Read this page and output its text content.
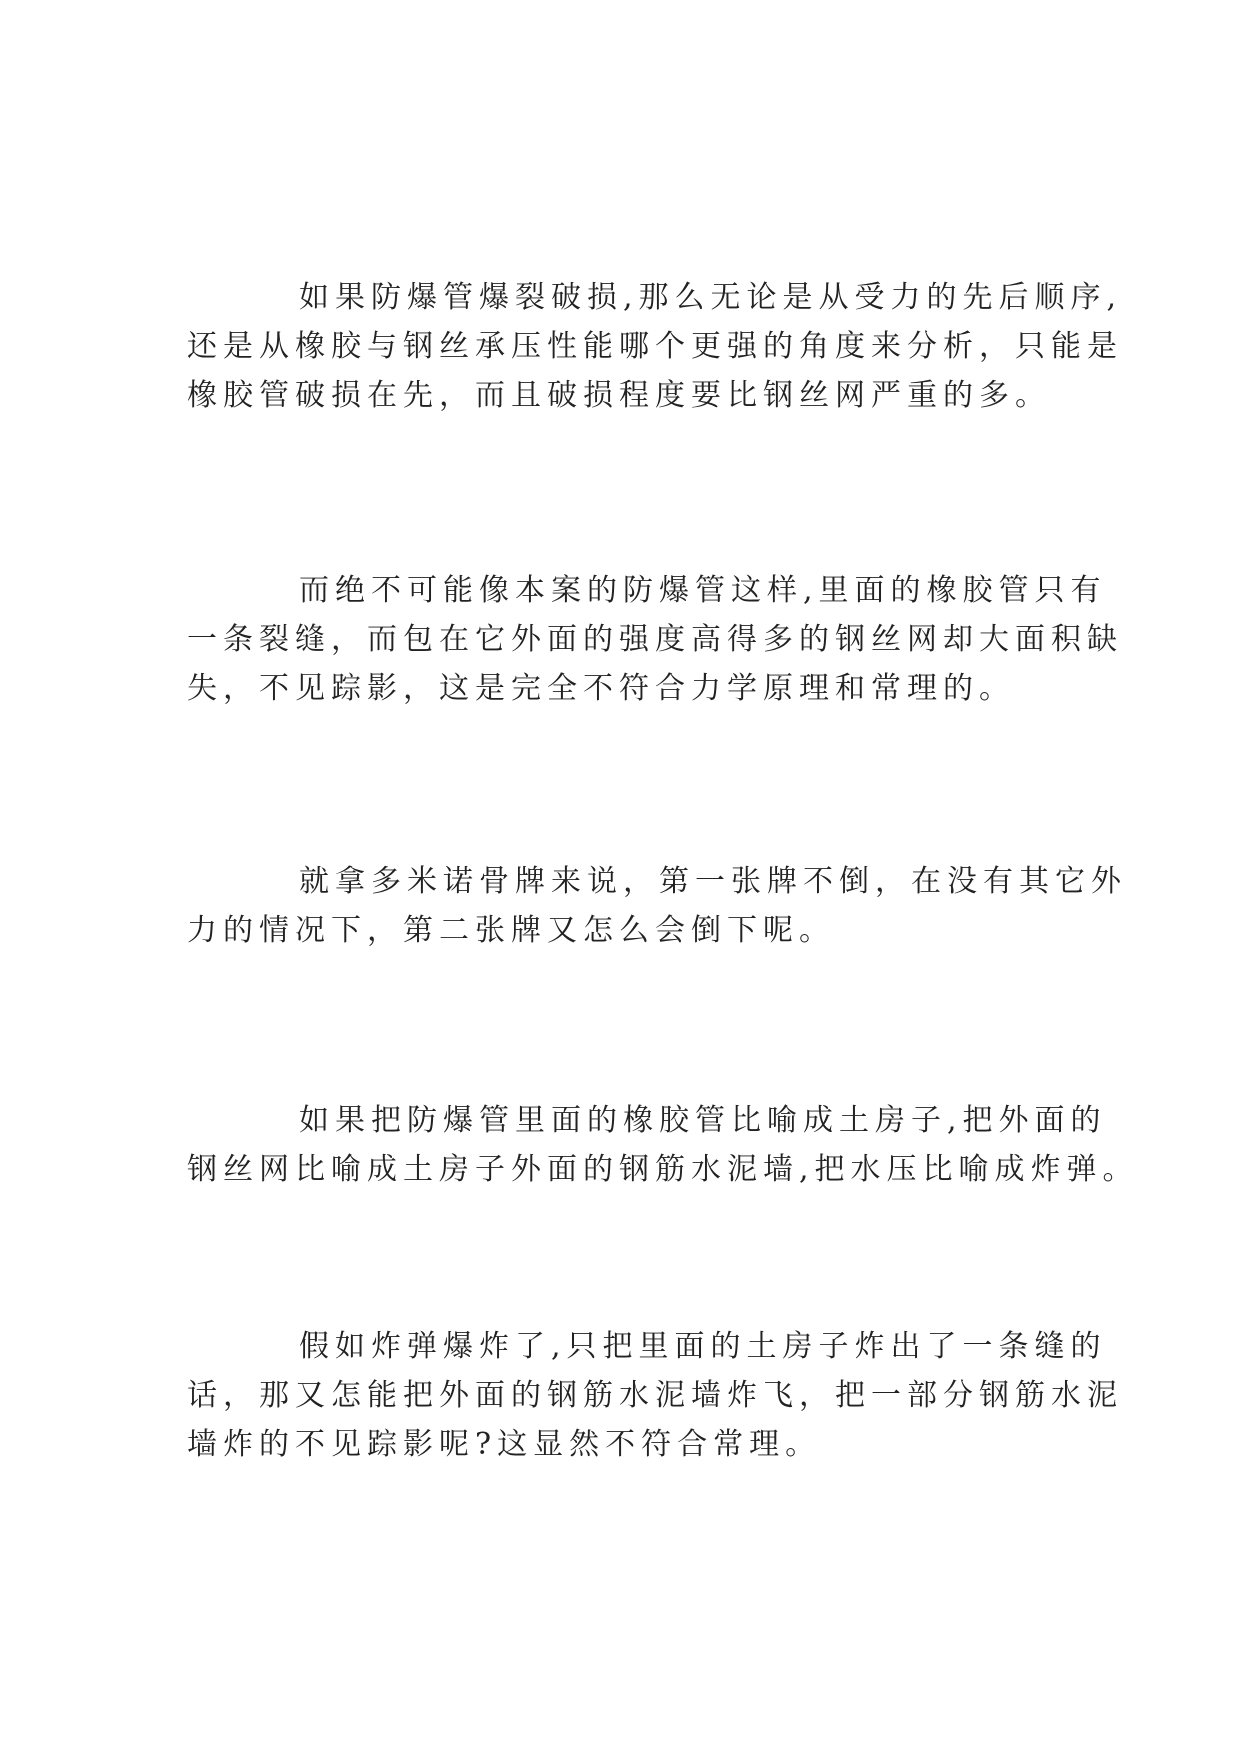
如果防爆管爆裂破损,那么无论是从受力的先后顺序,
还是从橡胶与钢丝承压性能哪个更强的角度来分析，只能是
橡胶管破损在先，而且破损程度要比钢丝网严重的多。
而绝不可能像本案的防爆管这样,里面的橡胶管只有
一条裂缝，而包在它外面的强度高得多的钢丝网却大面积缺
失，不见踪影，这是完全不符合力学原理和常理的。
就拿多米诺骨牌来说，第一张牌不倒，在没有其它外
力的情况下，第二张牌又怎么会倒下呢。
如果把防爆管里面的橡胶管比喻成土房子,把外面的
钢丝网比喻成土房子外面的钢筋水泥墙,把水压比喻成炸弹。
假如炸弹爆炸了,只把里面的土房子炸出了一条缝的
话，那又怎能把外面的钢筋水泥墙炸飞，把一部分钢筋水泥
墙炸的不见踪影呢?这显然不符合常理。
